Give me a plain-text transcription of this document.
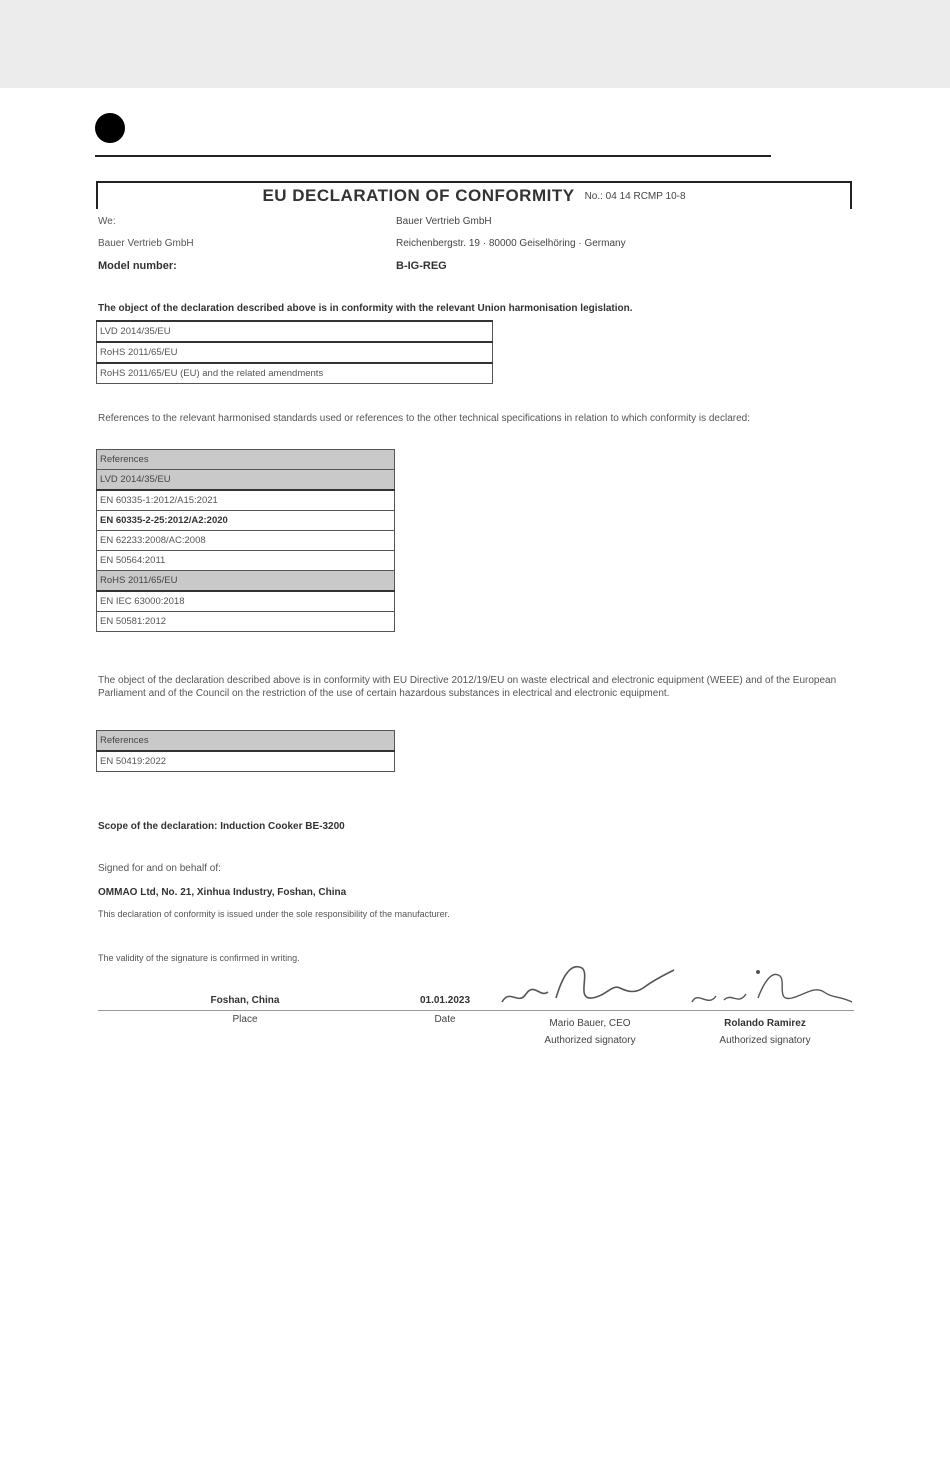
EU DECLARATION OF CONFORMITY No.: 04 14 RCMP 10-8
We:	Bauer Vertrieb GmbH
Bauer Vertrieb GmbH	Reichenbergstr. 19 · 80000 Geiselhöring · Germany
Model number:	B-IG-REG
The object of the declaration described above is in conformity with the relevant Union harmonisation legislation.
LVD 2014/35/EU
RoHS 2011/65/EU
RoHS 2011/65/EU (EU) and the related amendments
References to the relevant harmonised standards used or references to the other technical specifications in relation to which conformity is declared:
References
LVD 2014/35/EU
EN 60335-1:2012/A15:2021
EN 60335-2-25:2012/A2:2020
EN 62233:2008/AC:2008
EN 50564:2011
RoHS 2011/65/EU
EN IEC 63000:2018
EN 50581:2012
The object of the declaration described above is in conformity with EU Directive 2012/19/EU on waste electrical and electronic equipment (WEEE) and of the European Parliament and of the Council on the restriction of the use of certain hazardous substances in electrical and electronic equipment.
References
EN 50419:2022
Scope of the declaration: Induction Cooker BE-3200
Signed for and on behalf of:
OMMAO Ltd, No. 21, Xinhua Industry, Foshan, China
This declaration of conformity is issued under the sole responsibility of the manufacturer.
The validity of the signature is confirmed in writing.
Foshan, China
Place
01.01.2023
Date	Mario Bauer, CEO
Authorized signatory
Rolando Ramirez
Authorized signatory
